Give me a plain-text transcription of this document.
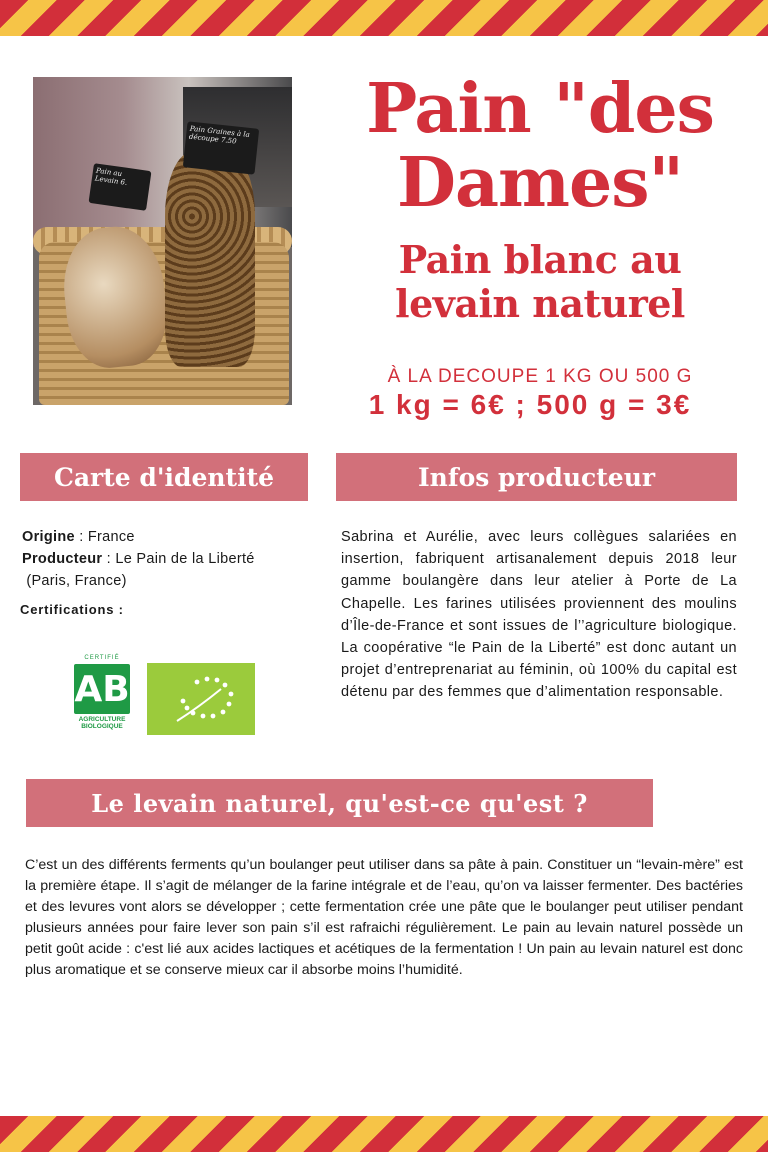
Pain au Levain 6.
Pain Graines à la découpe 7.50	Pain "des Dames"
Pain blanc au levain naturel
À LA DECOUPE 1 KG OU 500 G
1 kg = 6€ ; 500 g = 3€
Carte d'identité	Infos producteur
Origine : France
Producteur : Le Pain de la Liberté
(Paris, France)
Certifications :
CERTIFIÉ
AB
AGRICULTURE BIOLOGIQUE

Sabrina et Aurélie, avec leurs collègues salariées en insertion, fabriquent artisanalement depuis 2018 leur gamme boulangère dans leur atelier à Porte de La Chapelle. Les farines utilisées proviennent des moulins d’Île-de-France et sont issues de l’’agriculture biologique. La coopérative “le Pain de la Liberté” est donc autant un projet d’entreprenariat au féminin, où 100% du capital est détenu par des femmes que d’alimentation responsable.

Le levain naturel, qu'est-ce qu'est ?

C’est un des différents ferments qu’un boulanger peut utiliser dans sa pâte à pain. Constituer un “levain-mère” est la première étape. Il s’agit de mélanger de la farine intégrale et de l’eau, qu’on va laisser fermenter. Des bactéries et des levures vont alors se développer ; cette fermentation crée une pâte que le boulanger peut utiliser pendant plusieurs années pour faire lever son pain s’il est rafraichi régulièrement. Le pain au levain naturel possède un petit goût acide : c'est lié aux acides lactiques et acétiques de la fermentation ! Un pain au levain naturel est donc plus aromatique et se conserve mieux car il absorbe moins l’humidité.
